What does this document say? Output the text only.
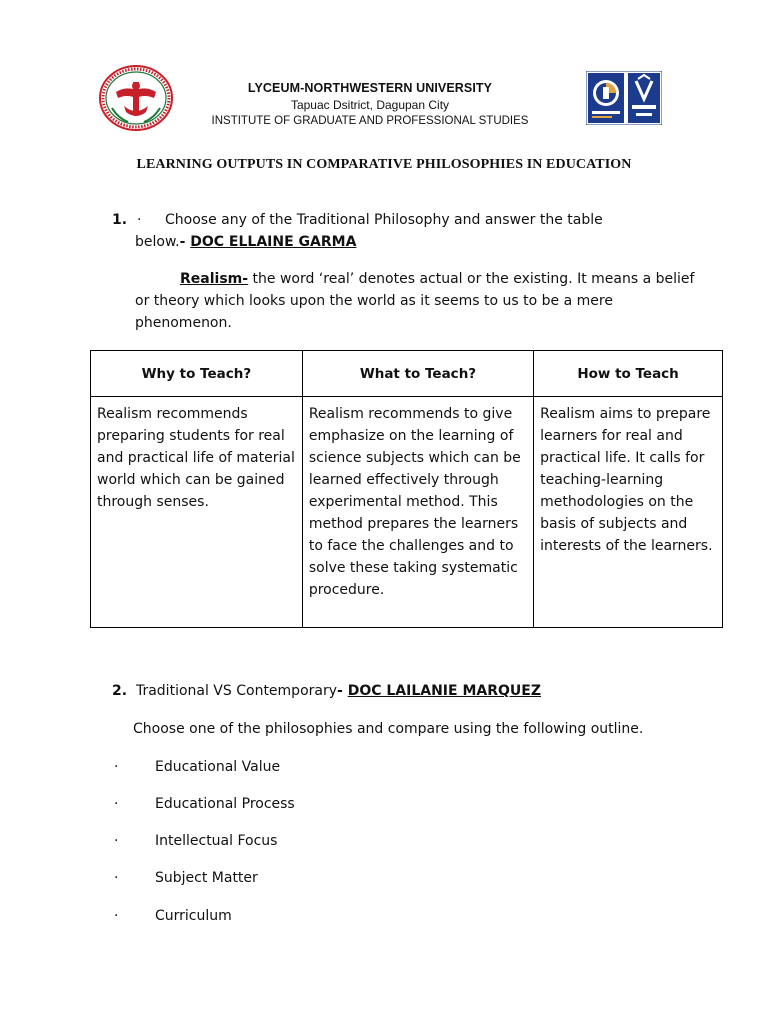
LYCEUM-NORTHWESTERN UNIVERSITY
Tapuac Dsitrict, Dagupan City
INSTITUTE OF GRADUATE AND PROFESSIONAL STUDIES
LEARNING OUTPUTS IN COMPARATIVE PHILOSOPHIES IN EDUCATION
1. · Choose any of the Traditional Philosophy and answer the table
below.- DOC ELLAINE GARMA
Realism- the word ‘real’ denotes actual or the existing. It means a belief or theory which looks upon the world as it seems to us to be a mere phenomenon.
Why to Teach?	What to Teach?	How to Teach
Realism recommends preparing students for real and practical life of material world which can be gained through senses.	Realism recommends to give emphasize on the learning of science subjects which can be learned effectively through experimental method. This method prepares the learners to face the challenges and to solve these taking systematic procedure.	Realism aims to prepare learners for real and practical life. It calls for teaching-learning methodologies on the basis of subjects and interests of the learners.
2. Traditional VS Contemporary- DOC LAILANIE MARQUEZ
Choose one of the philosophies and compare using the following outline.
·	Educational Value
·	Educational Process
·	Intellectual Focus
·	Subject Matter
·	Curriculum
